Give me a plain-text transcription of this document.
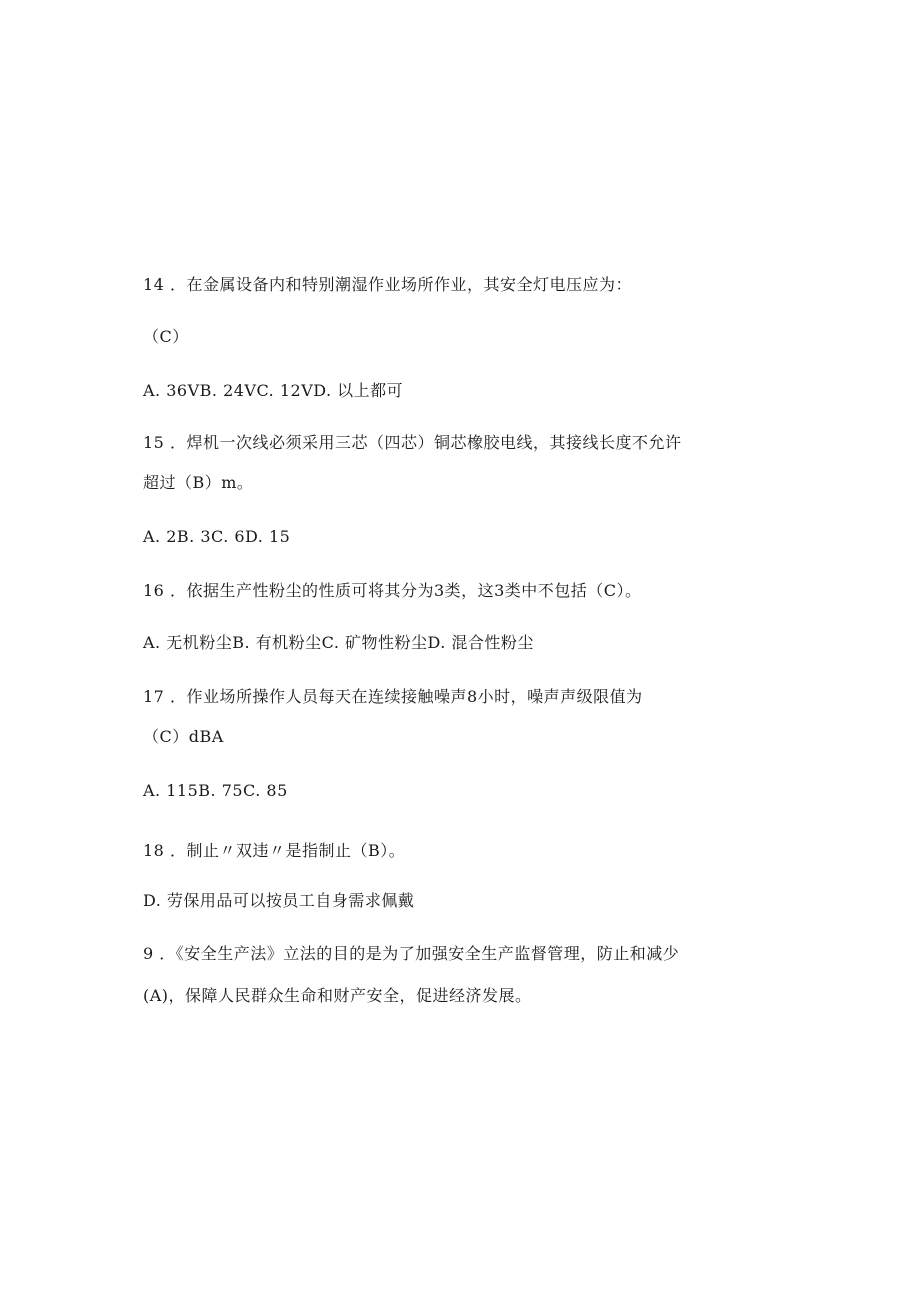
14 ．在金属设备内和特别潮湿作业场所作业，其安全灯电压应为：
（C）
A. 36VB. 24VC. 12VD. 以上都可
15 ．焊机一次线必须采用三芯（四芯）铜芯橡胶电线，其接线长度不允许
超过（B）m。
A. 2B. 3C. 6D. 15
16 ．依据生产性粉尘的性质可将其分为3类，这3类中不包括（C）。
A. 无机粉尘B. 有机粉尘C. 矿物性粉尘D. 混合性粉尘
17 ．作业场所操作人员每天在连续接触噪声8小时，噪声声级限值为
（C）dBA
A. 115B. 75C. 85
18 ．制止〃双违〃是指制止（B）。
D. 劳保用品可以按员工自身需求佩戴
9 ．《安全生产法》立法的目的是为了加强安全生产监督管理，防止和减少
(A)，保障人民群众生命和财产安全，促进经济发展。
